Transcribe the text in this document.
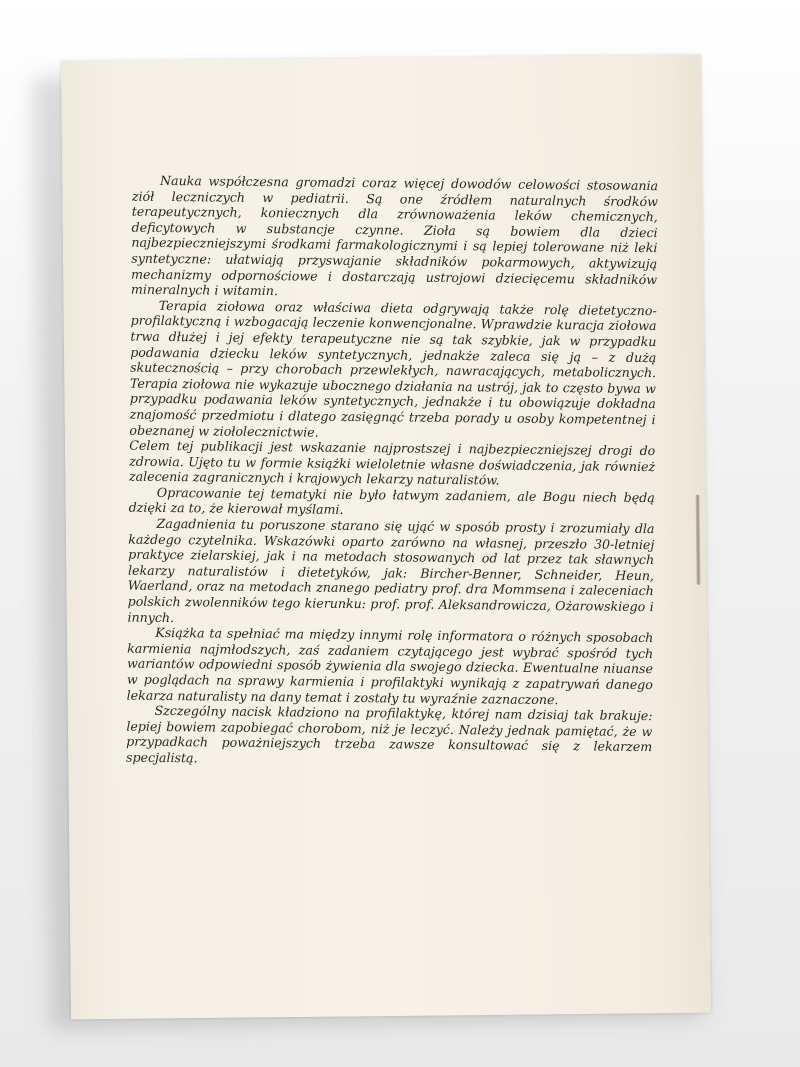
Nauka współczesna gromadzi coraz więcej dowodów celowości stosowania ziół leczniczych w pediatrii. Są one źródłem naturalnych środków terapeutycznych, koniecznych dla zrównoważenia leków chemicznych, deficytowych w substancje czynne. Zioła są bowiem dla dzieci najbezpieczniejszymi środkami farmakologicznymi i są lepiej tolerowane niż leki syntetyczne: ułatwiają przyswajanie składników pokarmowych, aktywizują mechanizmy odpornościowe i dostarczają ustrojowi dziecięcemu składników mineralnych i witamin.

Terapia ziołowa oraz właściwa dieta odgrywają także rolę dietetyczno-profilaktyczną i wzbogacają leczenie konwencjonalne. Wprawdzie kuracja ziołowa trwa dłużej i jej efekty terapeutyczne nie są tak szybkie, jak w przypadku podawania dziecku leków syntetycznych, jednakże zaleca się ją – z dużą skutecznością – przy chorobach przewlekłych, nawracających, metabolicznych. Terapia ziołowa nie wykazuje ubocznego działania na ustrój, jak to często bywa w przypadku podawania leków syntetycznych, jednakże i tu obowiązuje dokładna znajomość przedmiotu i dlatego zasięgnąć trzeba porady u osoby kompetentnej i obeznanej w ziołolecznictwie.

Celem tej publikacji jest wskazanie najprostszej i najbezpieczniejszej drogi do zdrowia. Ujęto tu w formie książki wieloletnie własne doświadczenia, jak również zalecenia zagranicznych i krajowych lekarzy naturalistów.

Opracowanie tej tematyki nie było łatwym zadaniem, ale Bogu niech będą dzięki za to, że kierował myślami.

Zagadnienia tu poruszone starano się ująć w sposób prosty i zrozumiały dla każdego czytelnika. Wskazówki oparto zarówno na własnej, przeszło 30-letniej praktyce zielarskiej, jak i na metodach stosowanych od lat przez tak sławnych lekarzy naturalistów i dietetyków, jak: Bircher-Benner, Schneider, Heun, Waerland, oraz na metodach znanego pediatry prof. dra Mommsena i zaleceniach polskich zwolenników tego kierunku: prof. prof. Aleksandrowicza, Ożarowskiego i innych.

Książka ta spełniać ma między innymi rolę informatora o różnych sposobach karmienia najmłodszych, zaś zadaniem czytającego jest wybrać spośród tych wariantów odpowiedni sposób żywienia dla swojego dziecka. Ewentualne niuanse w poglądach na sprawy karmienia i profilaktyki wynikają z zapatrywań danego lekarza naturalisty na dany temat i zostały tu wyraźnie zaznaczone.

Szczególny nacisk kładziono na profilaktykę, której nam dzisiaj tak brakuje: lepiej bowiem zapobiegać chorobom, niż je leczyć. Należy jednak pamiętać, że w przypadkach poważniejszych trzeba zawsze konsultować się z lekarzem specjalistą.
